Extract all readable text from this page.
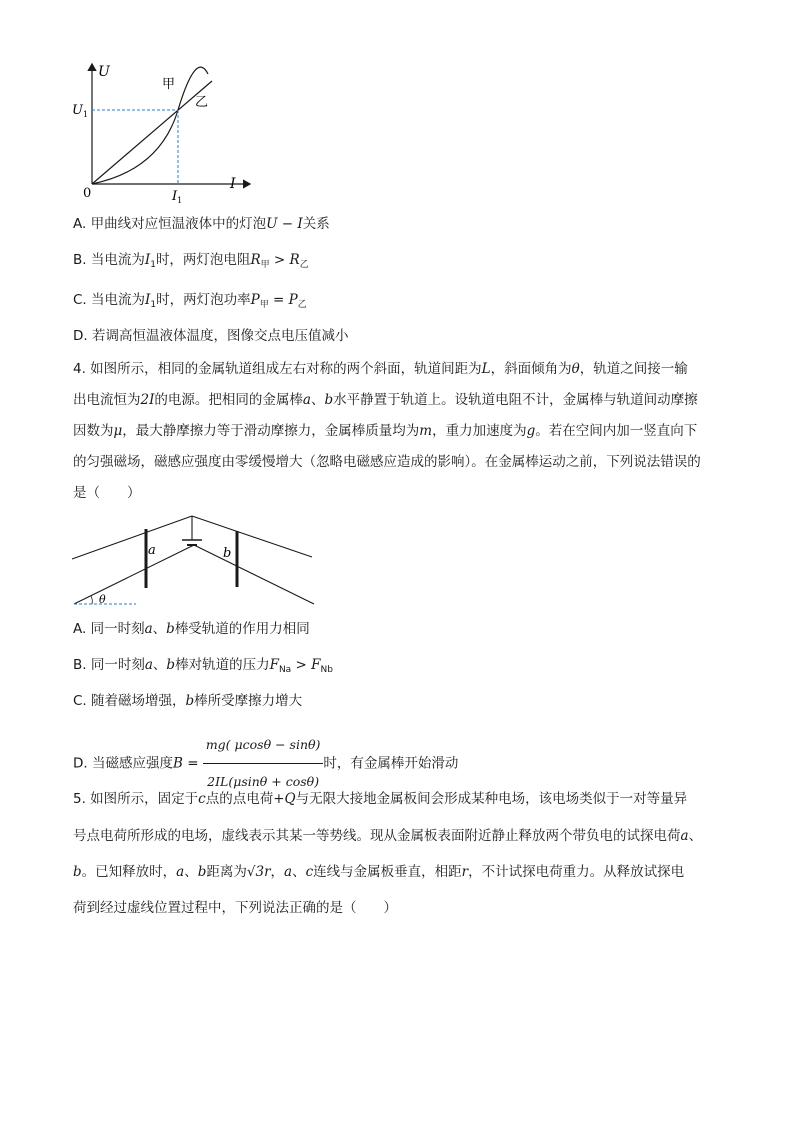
U
I
0
$U_1$
$I_1$
甲
乙
A. 甲曲线对应恒温液体中的灯泡U − I关系
B. 当电流为$I_1$时，两灯泡电阻$R_甲 > R_乙$
C. 当电流为$I_1$时，两灯泡功率$P_甲 = P_乙$
D. 若调高恒温液体温度，图像交点电压值减小
4. 如图所示，相同的金属轨道组成左右对称的两个斜面，轨道间距为L，斜面倾角为θ，轨道之间接一输
出电流恒为2I的电源。把相同的金属棒a、b水平静置于轨道上。设轨道电阻不计，金属棒与轨道间动摩擦
因数为μ，最大静摩擦力等于滑动摩擦力，金属棒质量均为m，重力加速度为g。若在空间内加一竖直向下
的匀强磁场，磁感应强度由零缓慢增大（忽略电磁感应造成的影响）。在金属棒运动之前，下列说法错误的
是（　　）
a	b
θ
A. 同一时刻a、b棒受轨道的作用力相同
B. 同一时刻a、b棒对轨道的压力$F_{Na} > F_{Nb}$
C. 随着磁场增强，b棒所受摩擦力增大
D. 当磁感应强度$B = \frac{mg( \mu\cos\theta - \sin\theta)}{2IL(\mu\sin\theta + \cos\theta)}$ 时，有金属棒开始滑动
5. 如图所示，固定于c点的点电荷+Q与无限大接地金属板间会形成某种电场，该电场类似于一对等量异
号点电荷所形成的电场，虚线表示其某一等势线。现从金属板表面附近静止释放两个带负电的试探电荷a、
b。已知释放时，a、b距离为√3r，a、c连线与金属板垂直，相距r，不计试探电荷重力。从释放试探电
荷到经过虚线位置过程中，下列说法正确的是（　　）
